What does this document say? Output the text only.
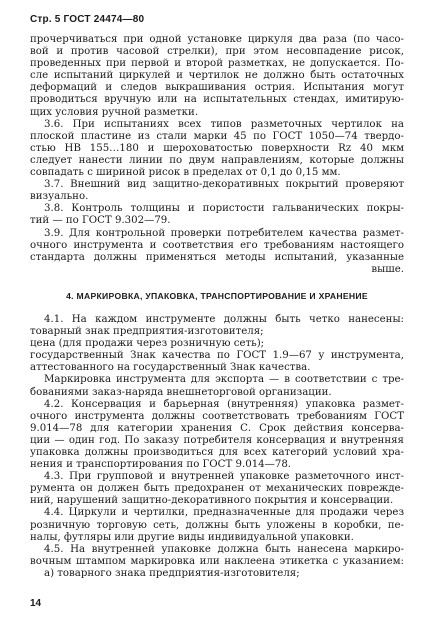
Стр. 5 ГОСТ 24474—80

прочерчиваться при одной установке циркуля два раза (по часо-
вой и против часовой стрелки), при этом несовпадение рисок,
проведенных при первой и второй разметках, не допускается. По-
сле испытаний циркулей и чертилок не должно быть остаточных
деформаций и следов выкрашивания острия. Испытания могут
проводиться вручную или на испытательных стендах, имитирую-
щих условия ручной разметки.

3.6. При испытаниях всех типов разметочных чертилок на
плоской пластине из стали марки 45 по ГОСТ 1050—74 твердо-
стью НВ 155…180 и шероховатостью поверхности Rz 40 мкм
следует нанести линии по двум направлениям, которые должны
совпадать с шириной рисок в пределах от 0,1 до 0,15 мм.

3.7. Внешний вид защитно-декоративных покрытий проверяют
визуально.

3.8. Контроль толщины и пористости гальванических покры-
тий — по ГОСТ 9.302—79.

3.9. Для контрольной проверки потребителем качества размет-
очного инструмента и соответствия его требованиям настоящего
стандарта должны применяться методы испытаний, указанные
выше.

4. МАРКИРОВКА, УПАКОВКА, ТРАНСПОРТИРОВАНИЕ И ХРАНЕНИЕ

4.1. На каждом инструменте должны быть четко нанесены:
товарный знак предприятия-изготовителя;
цена (для продажи через розничную сеть);
государственный Знак качества по ГОСТ 1.9—67 у инструмента,
аттестованного на государственный Знак качества.

Маркировка инструмента для экспорта — в соответствии с тре-
бованиями заказ-наряда внешнеторговой организации.

4.2. Консервация и барьерная (внутренняя) упаковка размет-
очного инструмента должны соответствовать требованиям ГОСТ
9.014—78 для категории хранения С. Срок действия консерва-
ции — один год. По заказу потребителя консервация и внутренняя
упаковка должны производиться для всех категорий условий хра-
нения и транспортирования по ГОСТ 9.014—78.

4.3. При групповой и внутренней упаковке разметочного инст-
румента он должен быть предохранен от механических поврежде-
ний, нарушений защитно-декоративного покрытия и консервации.

4.4. Циркули и чертилки, предназначенные для продажи через
розничную торговую сеть, должны быть уложены в коробки, пе-
налы, футляры или другие виды индивидуальной упаковки.

4.5. На внутренней упаковке должна быть нанесена маркиро-
вочным штампом маркировка или наклеена этикетка с указанием:
а) товарного знака предприятия-изготовителя;

14
